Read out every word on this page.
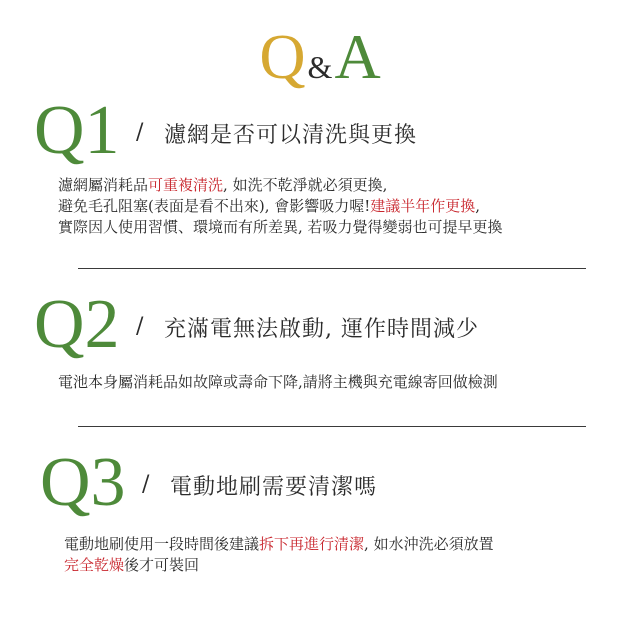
Q&A
Q1 / 濾網是否可以清洗與更換
濾網屬消耗品可重複清洗, 如洗不乾淨就必須更換,
避免毛孔阻塞(表面是看不出來), 會影響吸力喔!建議半年作更換,
實際因人使用習慣、環境而有所差異, 若吸力覺得變弱也可提早更換
Q2 / 充滿電無法啟動, 運作時間減少
電池本身屬消耗品如故障或壽命下降,請將主機與充電線寄回做檢測
Q3 / 電動地刷需要清潔嗎
電動地刷使用一段時間後建議拆下再進行清潔, 如水沖洗必須放置
完全乾燥後才可裝回
